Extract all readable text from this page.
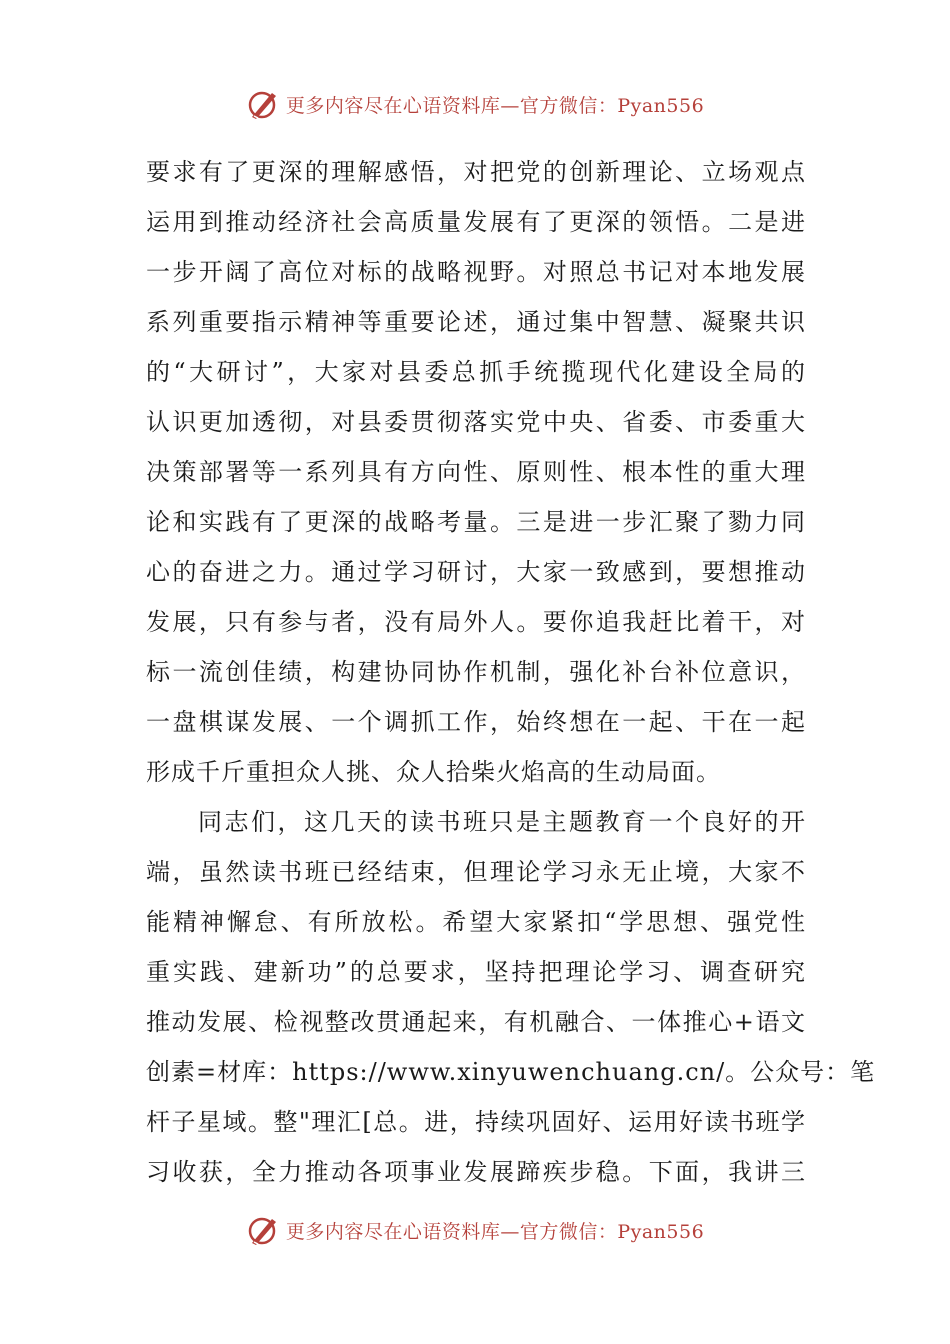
更多内容尽在心语资料库—官方微信：Pyan556
要求有了更深的理解感悟，对把党的创新理论、立场观点
运用到推动经济社会高质量发展有了更深的领悟。二是进
一步开阔了高位对标的战略视野。对照总书记对本地发展
系列重要指示精神等重要论述，通过集中智慧、凝聚共识
的“大研讨”，大家对县委总抓手统揽现代化建设全局的
认识更加透彻，对县委贯彻落实党中央、省委、市委重大
决策部署等一系列具有方向性、原则性、根本性的重大理
论和实践有了更深的战略考量。三是进一步汇聚了勠力同
心的奋进之力。通过学习研讨，大家一致感到，要想推动
发展，只有参与者，没有局外人。要你追我赶比着干，对
标一流创佳绩，构建协同协作机制，强化补台补位意识，
一盘棋谋发展、一个调抓工作，始终想在一起、干在一起
形成千斤重担众人挑、众人拾柴火焰高的生动局面。
同志们，这几天的读书班只是主题教育一个良好的开
端，虽然读书班已经结束，但理论学习永无止境，大家不
能精神懈怠、有所放松。希望大家紧扣“学思想、强党性
重实践、建新功”的总要求，坚持把理论学习、调查研究
推动发展、检视整改贯通起来，有机融合、一体推心+语文
创素=材库：https://www.xinyuwenchuang.cn/。公众号：笔
杆子星域。整"理汇[总。进，持续巩固好、运用好读书班学
习收获，全力推动各项事业发展蹄疾步稳。下面，我讲三
更多内容尽在心语资料库—官方微信：Pyan556
